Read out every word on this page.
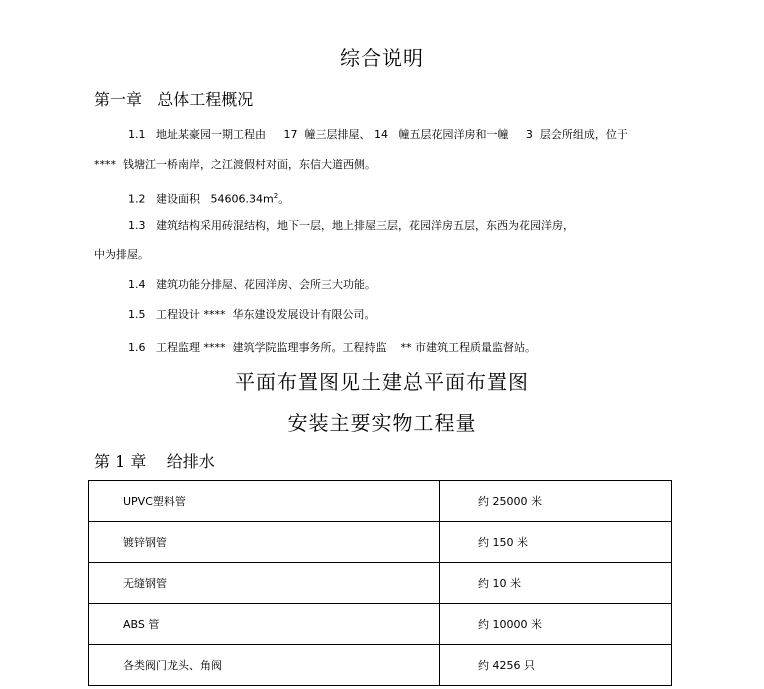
综合说明
第一章   总体工程概况
1.1   地址某豪园一期工程由     17  幢三层排屋、 14   幢五层花园洋房和一幢     3  层会所组成，位于
****  钱塘江一桥南岸，之江渡假村对面，东信大道西侧。
1.2   建设面积   $54606.34m^2$。
1.3   建筑结构采用砖混结构，地下一层，地上排屋三层，花园洋房五层，东西为花园洋房，
中为排屋。
1.4   建筑功能分排屋、花园洋房、会所三大功能。
1.5   工程设计 ****  华东建设发展设计有限公司。
1.6   工程监理 ****  建筑学院监理事务所。工程持监    ** 市建筑工程质量监督站。
平面布置图见土建总平面布置图
安装主要实物工程量
第 1 章    给排水
UPVC塑料管	约 25000 米
镀锌钢管	约 150 米
无缝钢管	约 10 米
ABS 管	约 10000 米
各类阀门龙头、角阀	约 4256 只
